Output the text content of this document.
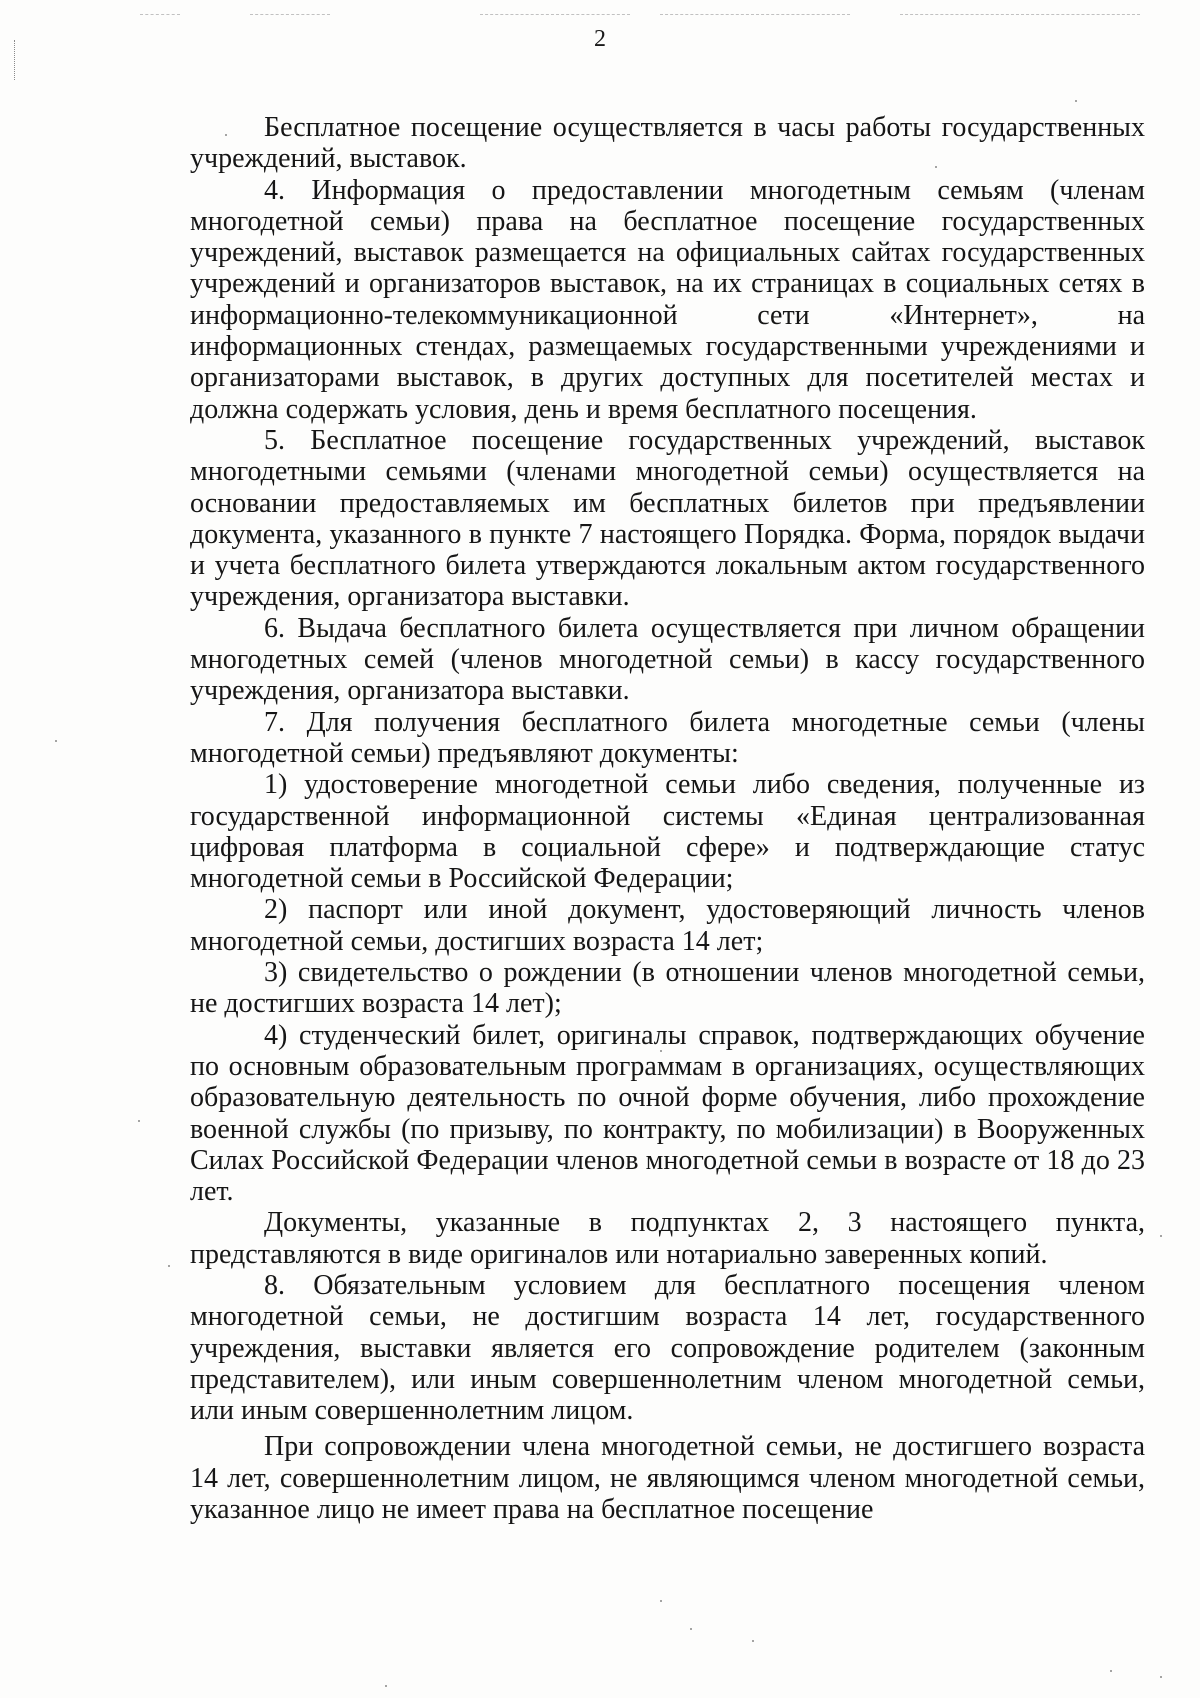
2

Бесплатное посещение осуществляется в часы работы государственных учреждений, выставок.

4. Информация о предоставлении многодетным семьям (членам многодетной семьи) права на бесплатное посещение государственных учреждений, выставок размещается на официальных сайтах государственных учреждений и организаторов выставок, на их страницах в социальных сетях в информационно-телекоммуникационной сети «Интернет», на информационных стендах, размещаемых государственными учреждениями и организаторами выставок, в других доступных для посетителей местах и должна содержать условия, день и время бесплатного посещения.

5. Бесплатное посещение государственных учреждений, выставок многодетными семьями (членами многодетной семьи) осуществляется на основании предоставляемых им бесплатных билетов при предъявлении документа, указанного в пункте 7 настоящего Порядка. Форма, порядок выдачи и учета бесплатного билета утверждаются локальным актом государственного учреждения, организатора выставки.

6. Выдача бесплатного билета осуществляется при личном обращении многодетных семей (членов многодетной семьи) в кассу государственного учреждения, организатора выставки.

7. Для получения бесплатного билета многодетные семьи (члены многодетной семьи) предъявляют документы:

1) удостоверение многодетной семьи либо сведения, полученные из государственной информационной системы «Единая централизованная цифровая платформа в социальной сфере» и подтверждающие статус многодетной семьи в Российской Федерации;

2) паспорт или иной документ, удостоверяющий личность членов многодетной семьи, достигших возраста 14 лет;

3) свидетельство о рождении (в отношении членов многодетной семьи, не достигших возраста 14 лет);

4) студенческий билет, оригиналы справок, подтверждающих обучение по основным образовательным программам в организациях, осуществляющих образовательную деятельность по очной форме обучения, либо прохождение военной службы (по призыву, по контракту, по мобилизации) в Вооруженных Силах Российской Федерации членов многодетной семьи в возрасте от 18 до 23 лет.

Документы, указанные в подпунктах 2, 3 настоящего пункта, представляются в виде оригиналов или нотариально заверенных копий.

8. Обязательным условием для бесплатного посещения членом многодетной семьи, не достигшим возраста 14 лет, государственного учреждения, выставки является его сопровождение родителем (законным представителем), или иным совершеннолетним членом многодетной семьи, или иным совершеннолетним лицом.

При сопровождении члена многодетной семьи, не достигшего возраста 14 лет, совершеннолетним лицом, не являющимся членом многодетной семьи, указанное лицо не имеет права на бесплатное посещение
